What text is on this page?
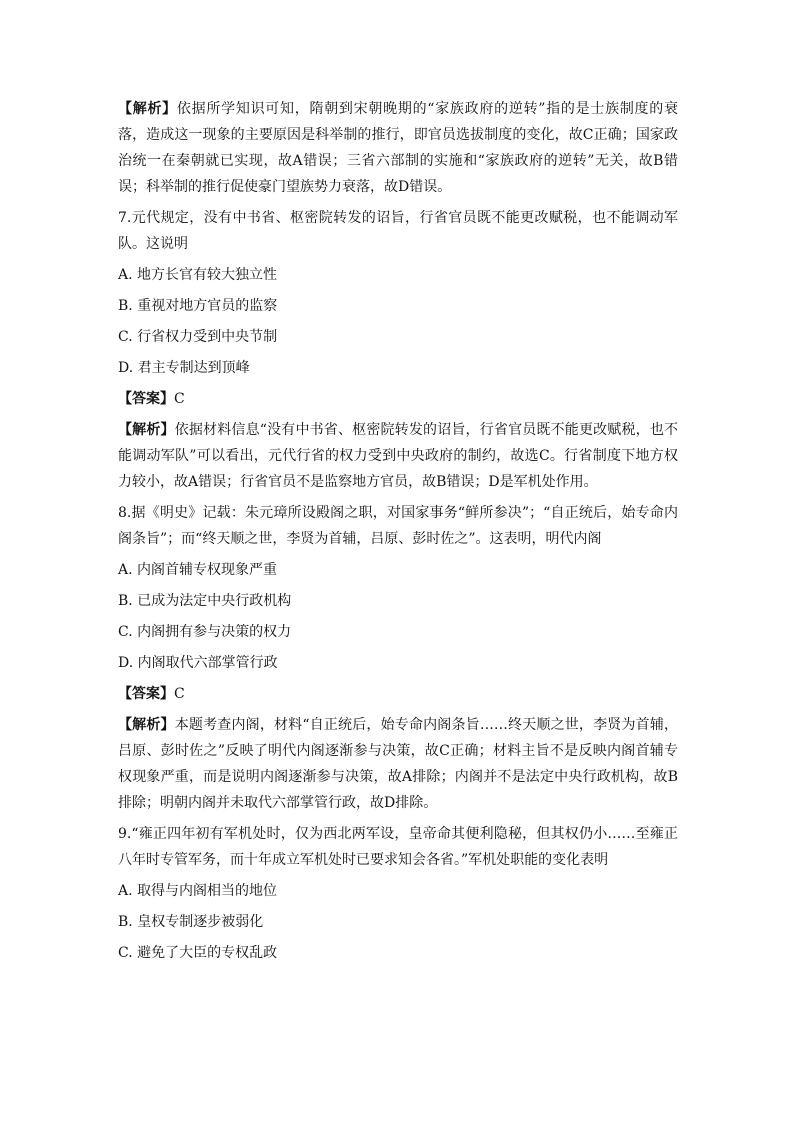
【解析】依据所学知识可知，隋朝到宋朝晚期的“家族政府的逆转”指的是士族制度的衰落，造成这一现象的主要原因是科举制的推行，即官员选拔制度的变化，故C正确；国家政治统一在秦朝就已实现，故A错误；三省六部制的实施和“家族政府的逆转”无关，故B错误；科举制的推行促使豪门望族势力衰落，故D错误。

7.元代规定，没有中书省、枢密院转发的诏旨，行省官员既不能更改赋税，也不能调动军队。这说明

A. 地方长官有较大独立性

B. 重视对地方官员的监察

C. 行省权力受到中央节制

D. 君主专制达到顶峰

【答案】C

【解析】依据材料信息“没有中书省、枢密院转发的诏旨，行省官员既不能更改赋税，也不能调动军队”可以看出，元代行省的权力受到中央政府的制约，故选C。行省制度下地方权力较小，故A错误；行省官员不是监察地方官员，故B错误；D是军机处作用。

8.据《明史》记载：朱元璋所设殿阁之职，对国家事务“鲜所参决”；“自正统后，始专命内阁条旨”；而“终天顺之世，李贤为首辅，吕原、彭时佐之”。这表明，明代内阁

A. 内阁首辅专权现象严重

B. 已成为法定中央行政机构

C. 内阁拥有参与决策的权力

D. 内阁取代六部掌管行政

【答案】C

【解析】本题考查内阁，材料“自正统后，始专命内阁条旨……终天顺之世，李贤为首辅，吕原、彭时佐之”反映了明代内阁逐渐参与决策，故C正确；材料主旨不是反映内阁首辅专权现象严重，而是说明内阁逐渐参与决策，故A排除；内阁并不是法定中央行政机构，故B排除；明朝内阁并未取代六部掌管行政，故D排除。

9.“雍正四年初有军机处时，仅为西北两军设，皇帝命其便利隐秘，但其权仍小……至雍正八年时专管军务，而十年成立军机处时已要求知会各省。”军机处职能的变化表明

A. 取得与内阁相当的地位

B. 皇权专制逐步被弱化

C. 避免了大臣的专权乱政
